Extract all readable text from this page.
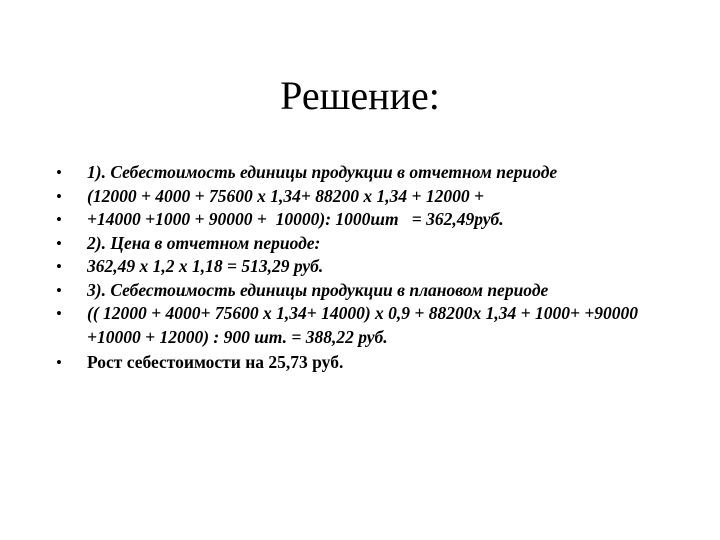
Решение:
• 1). Себестоимость единицы продукции в отчетном периоде
• (12000 + 4000 + 75600 х 1,34+ 88200 х 1,34 + 12000 +
• +14000 +1000 + 90000 +  10000): 1000шт   = 362,49руб.
• 2). Цена в отчетном периоде:
• 362,49 х 1,2 х 1,18 = 513,29 руб.
• 3). Себестоимость единицы продукции в плановом периоде
• (( 12000 + 4000+ 75600 х 1,34+ 14000) х 0,9 + 88200х 1,34 + 1000+ +90000 +10000 + 12000) : 900 шт. = 388,22 руб.
• Рост себестоимости на 25,73 руб.
